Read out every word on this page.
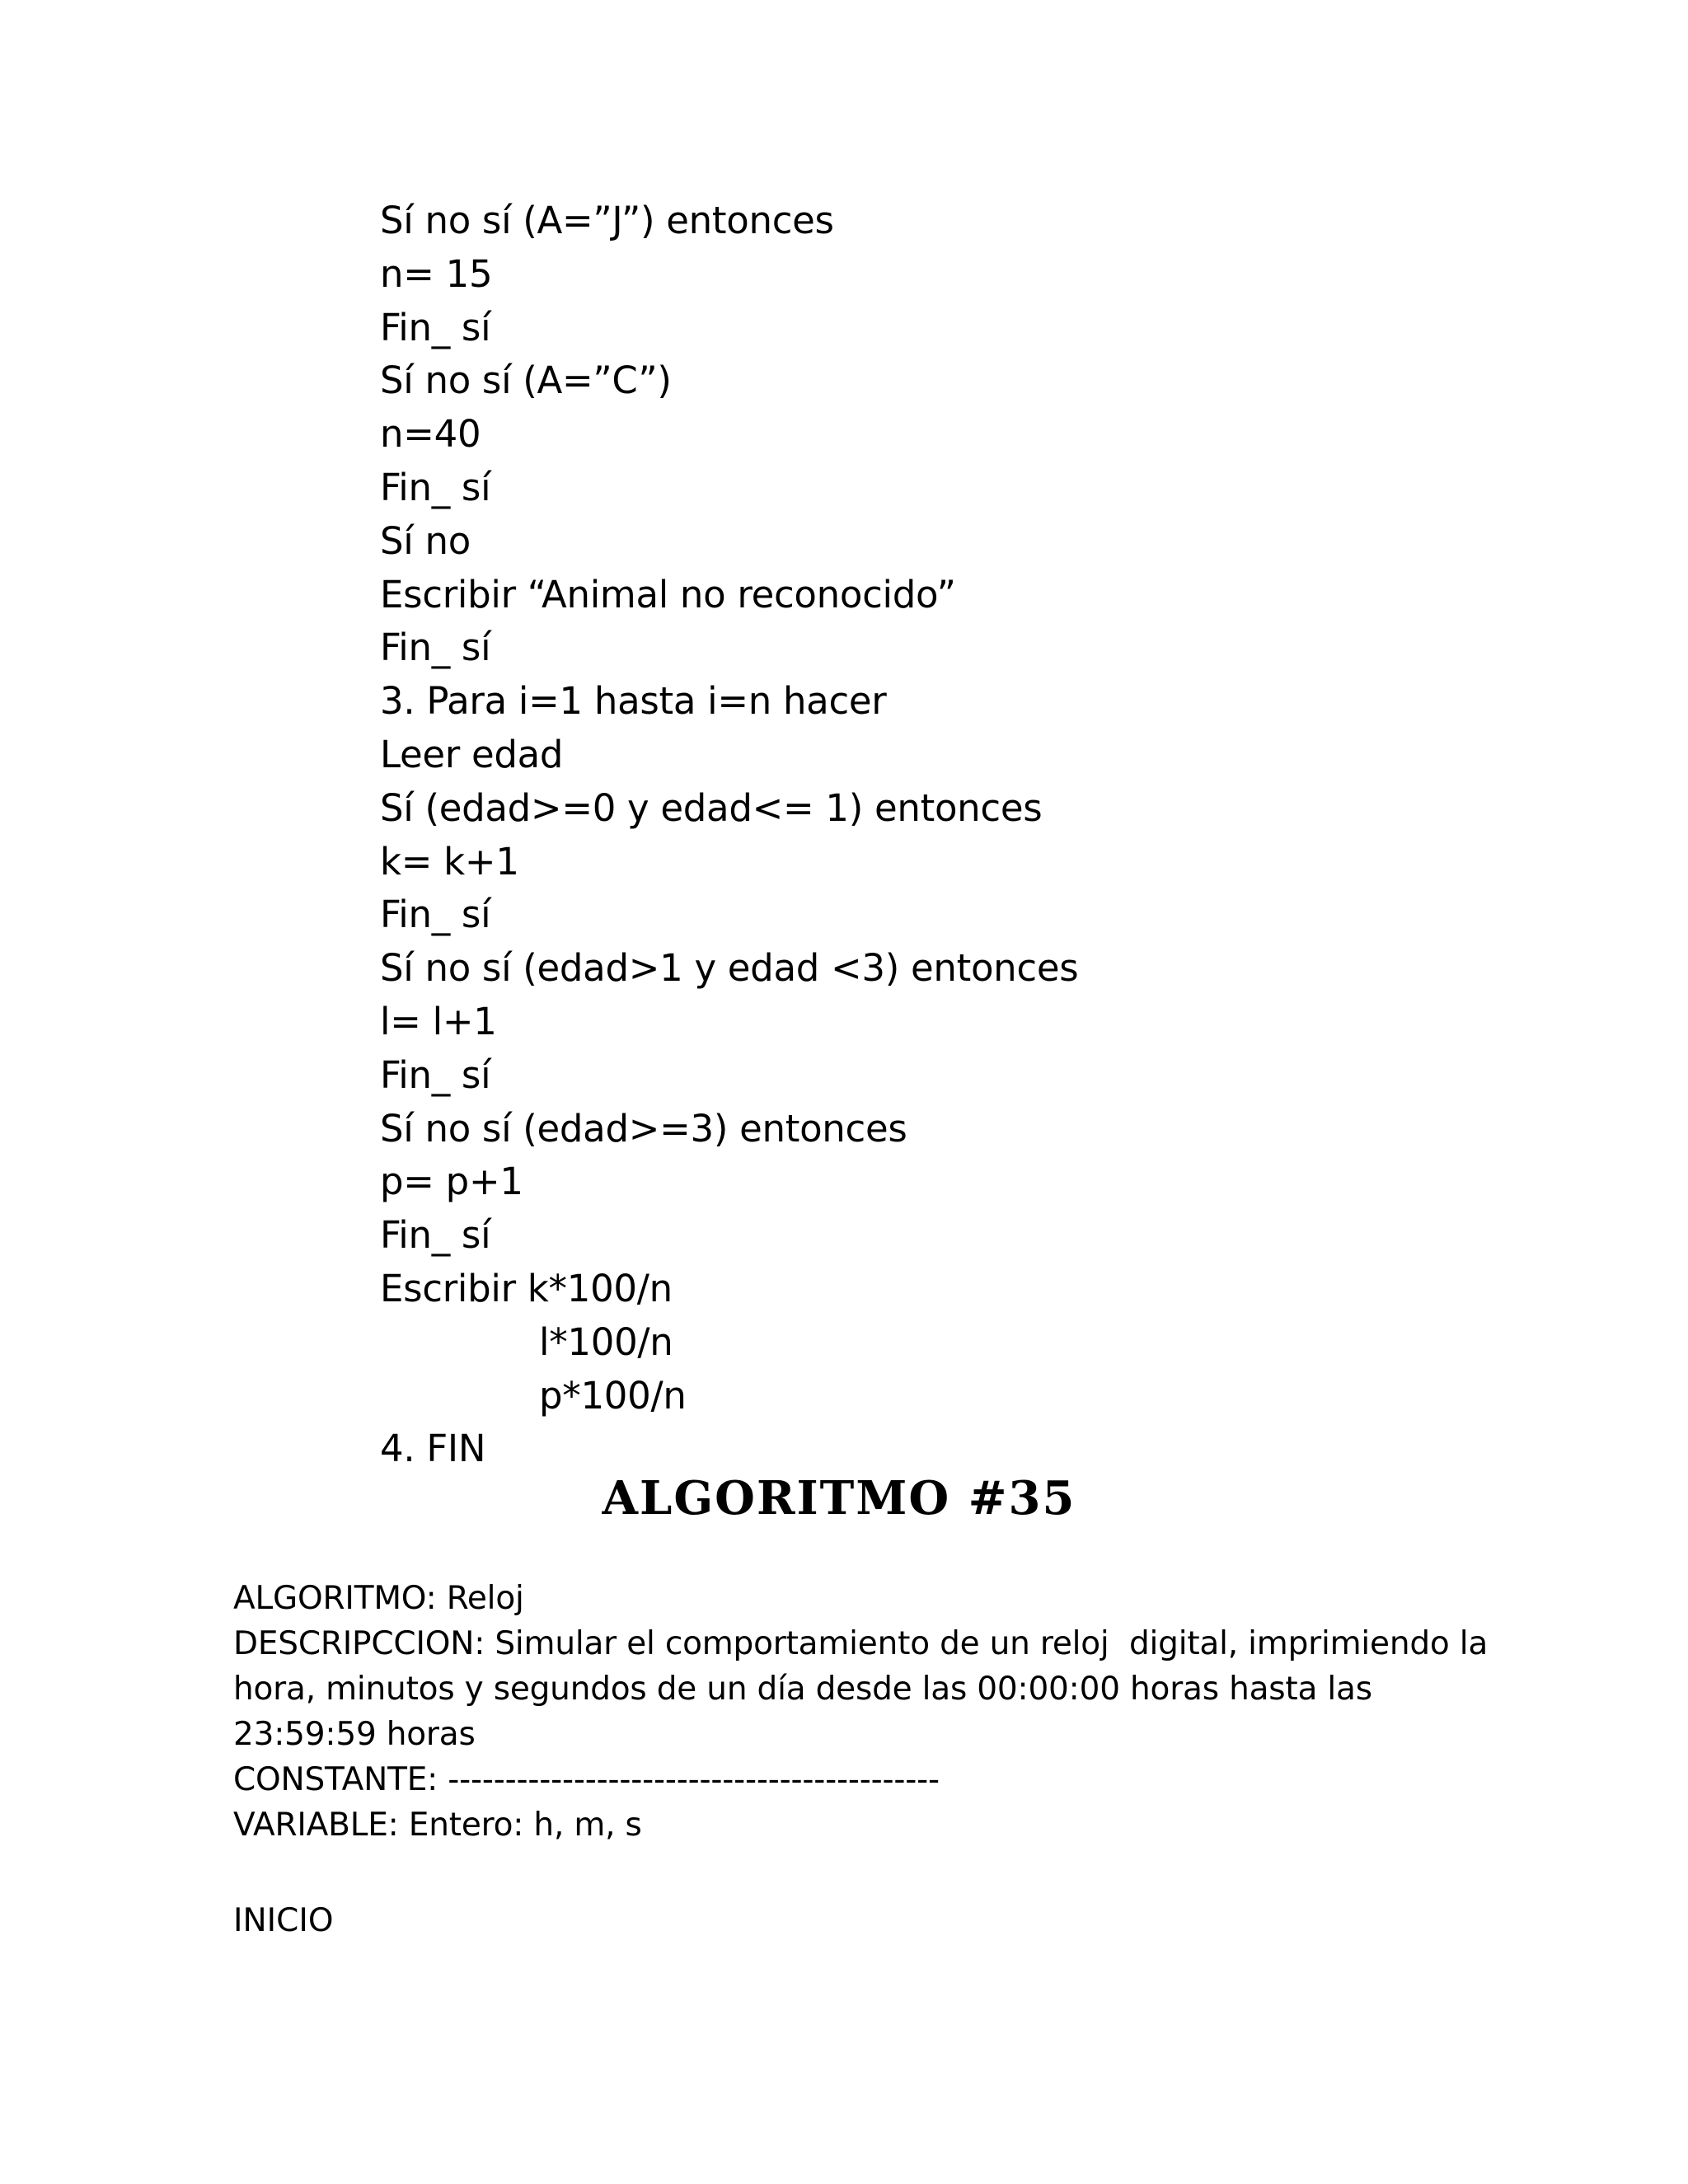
Sí no sí (A=”J”) entonces
n= 15
Fin_ sí
Sí no sí (A=”C”)
n=40
Fin_ sí
Sí no
Escribir “Animal no reconocido”
Fin_ sí
3. Para i=1 hasta i=n hacer
Leer edad
Sí (edad>=0 y edad<= 1) entonces
k= k+1
Fin_ sí
Sí no sí (edad>1 y edad <3) entonces
l= l+1
Fin_ sí
Sí no sí (edad>=3) entonces
p= p+1
Fin_ sí
Escribir k*100/n
l*100/n
p*100/n
4. FIN
ALGORITMO #35
ALGORITMO: Reloj
DESCRIPCCION: Simular el comportamiento de un reloj  digital, imprimiendo la
hora, minutos y segundos de un día desde las 00:00:00 horas hasta las
23:59:59 horas
CONSTANTE: -------------------------------------------
VARIABLE: Entero: h, m, s
INICIO
